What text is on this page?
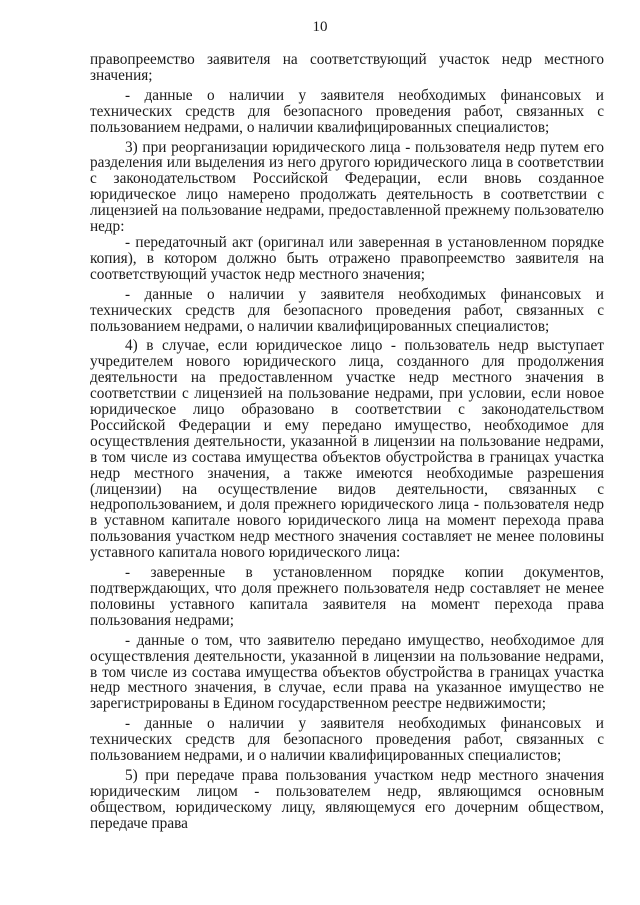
10

правопреемство заявителя на соответствующий участок недр местного значения;

- данные о наличии у заявителя необходимых финансовых и технических средств для безопасного проведения работ, связанных с пользованием недрами, о наличии квалифицированных специалистов;

3) при реорганизации юридического лица - пользователя недр путем его разделения или выделения из него другого юридического лица в соответствии с законодательством Российской Федерации, если вновь созданное юридическое лицо намерено продолжать деятельность в соответствии с лицензией на пользование недрами, предоставленной прежнему пользователю недр:

- передаточный акт (оригинал или заверенная в установленном порядке копия), в котором должно быть отражено правопреемство заявителя на соответствующий участок недр местного значения;

- данные о наличии у заявителя необходимых финансовых и технических средств для безопасного проведения работ, связанных с пользованием недрами, о наличии квалифицированных специалистов;

4) в случае, если юридическое лицо - пользователь недр выступает учредителем нового юридического лица, созданного для продолжения деятельности на предоставленном участке недр местного значения в соответствии с лицензией на пользование недрами, при условии, если новое юридическое лицо образовано в соответствии с законодательством Российской Федерации и ему передано имущество, необходимое для осуществления деятельности, указанной в лицензии на пользование недрами, в том числе из состава имущества объектов обустройства в границах участка недр местного значения, а также имеются необходимые разрешения (лицензии) на осуществление видов деятельности, связанных с недропользованием, и доля прежнего юридического лица - пользователя недр в уставном капитале нового юридического лица на момент перехода права пользования участком недр местного значения составляет не менее половины уставного капитала нового юридического лица:

- заверенные в установленном порядке копии документов, подтверждающих, что доля прежнего пользователя недр составляет не менее половины уставного капитала заявителя на момент перехода права пользования недрами;

- данные о том, что заявителю передано имущество, необходимое для осуществления деятельности, указанной в лицензии на пользование недрами, в том числе из состава имущества объектов обустройства в границах участка недр местного значения, в случае, если права на указанное имущество не зарегистрированы в Едином государственном реестре недвижимости;

- данные о наличии у заявителя необходимых финансовых и технических средств для безопасного проведения работ, связанных с пользованием недрами, и о наличии квалифицированных специалистов;

5) при передаче права пользования участком недр местного значения юридическим лицом - пользователем недр, являющимся основным обществом, юридическому лицу, являющемуся его дочерним обществом, передаче права
